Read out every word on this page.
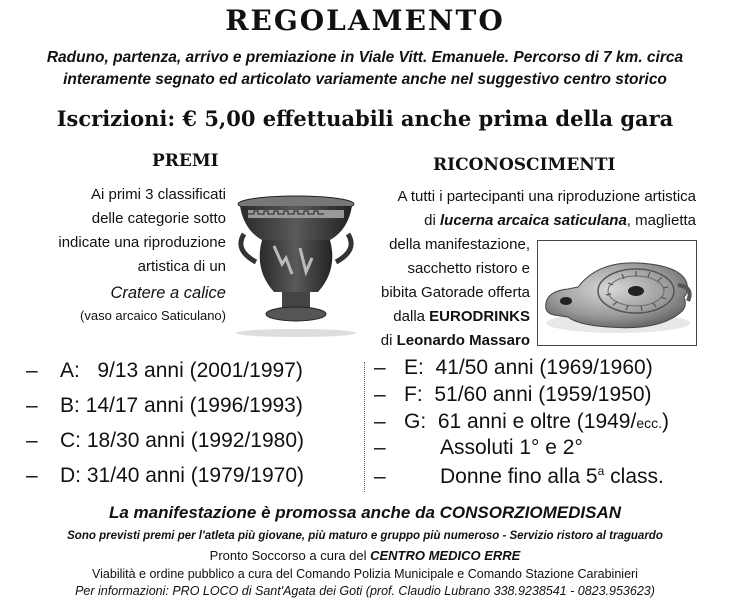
REGOLAMENTO
Raduno, partenza, arrivo e premiazione in Viale Vitt. Emanuele. Percorso di 7 km. circa
interamente segnato ed articolato variamente anche nel suggestivo centro storico
Iscrizioni: € 5,00 effettuabili anche prima della gara
PREMI
Ai primi 3 classificati
delle categorie sotto
indicate una riproduzione
artistica di un
Cratere a calice
(vaso arcaico Saticulano)
RICONOSCIMENTI
A tutti i partecipanti una riproduzione artistica
di lucerna arcaica saticulana, maglietta
della manifestazione,
sacchetto ristoro e
bibita Gatorade offerta
dalla EURODRINKS
di Leonardo Massaro
– A:   9/13 anni (2001/1997)
– B: 14/17 anni (1996/1993)
– C: 18/30 anni (1992/1980)
– D: 31/40 anni (1979/1970)
– E:  41/50 anni (1969/1960)
– F:  51/60 anni (1959/1950)
– G:  61 anni e oltre (1949/ecc.)
–	Assoluti 1° e 2°
–	Donne fino alla 5$^a$ class.
La manifestazione è promossa anche da CONSORZIOMEDISAN
Sono previsti premi per l'atleta più giovane, più maturo e gruppo più numeroso - Servizio ristoro al traguardo
Pronto Soccorso a cura del CENTRO MEDICO ERRE
Viabilità e ordine pubblico a cura del Comando Polizia Municipale e Comando Stazione Carabinieri
Per informazioni: PRO LOCO di Sant'Agata dei Goti (prof. Claudio Lubrano 338.9238541 - 0823.953623)
